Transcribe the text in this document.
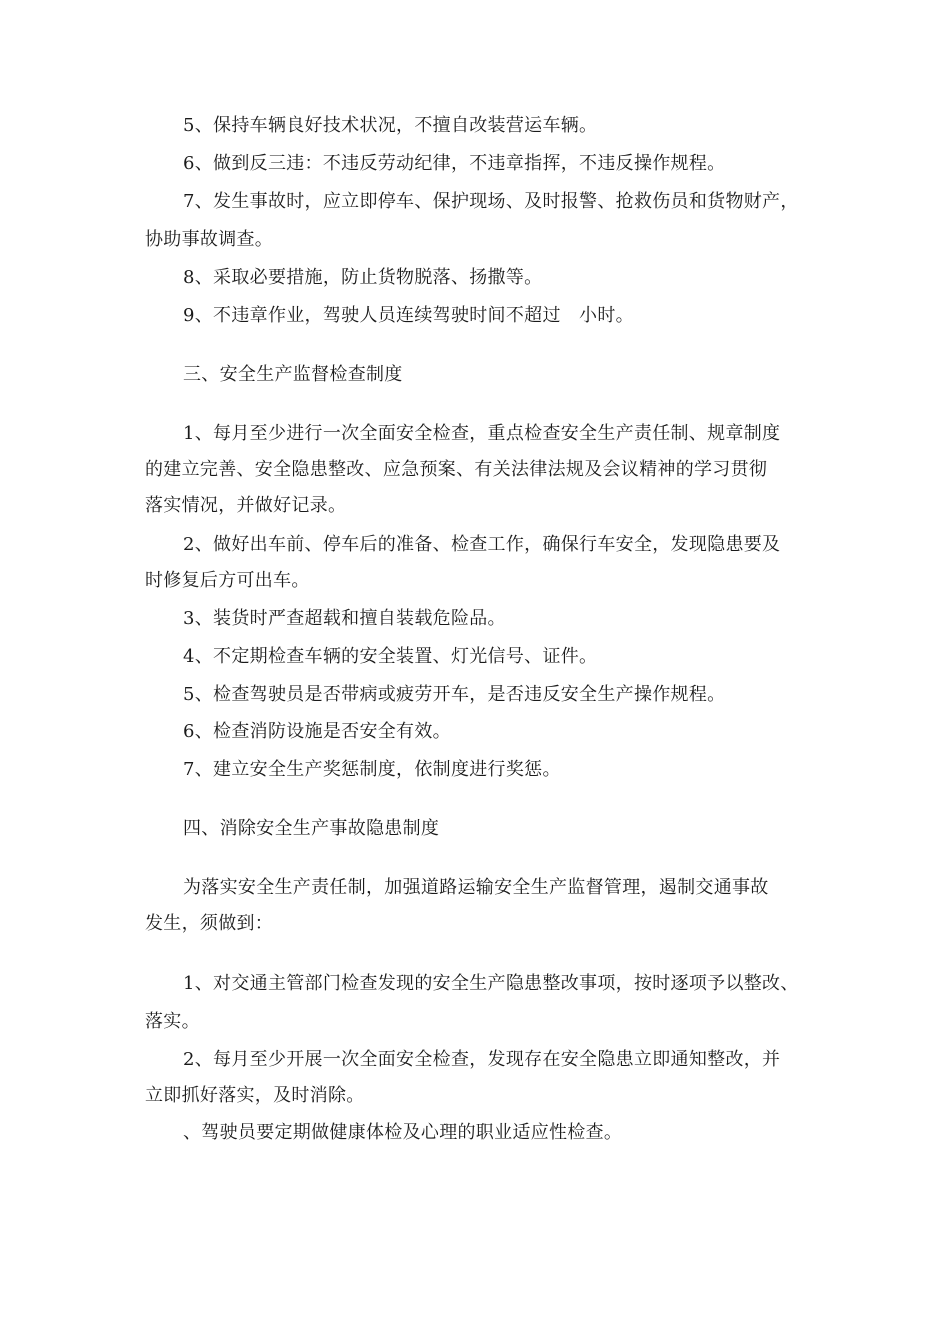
5、保持车辆良好技术状况，不擅自改装营运车辆。
6、做到反三违：不违反劳动纪律，不违章指挥，不违反操作规程。
7、发生事故时，应立即停车、保护现场、及时报警、抢救伤员和货物财产，
协助事故调查。
8、采取必要措施，防止货物脱落、扬撒等。
9、不违章作业，驾驶人员连续驾驶时间不超过　小时。
三、安全生产监督检查制度
1、每月至少进行一次全面安全检查，重点检查安全生产责任制、规章制度
的建立完善、安全隐患整改、应急预案、有关法律法规及会议精神的学习贯彻
落实情况，并做好记录。
2、做好出车前、停车后的准备、检查工作，确保行车安全，发现隐患要及
时修复后方可出车。
3、装货时严查超载和擅自装载危险品。
4、不定期检查车辆的安全装置、灯光信号、证件。
5、检查驾驶员是否带病或疲劳开车，是否违反安全生产操作规程。
6、检查消防设施是否安全有效。
7、建立安全生产奖惩制度，依制度进行奖惩。
四、消除安全生产事故隐患制度
为落实安全生产责任制，加强道路运输安全生产监督管理，遏制交通事故
发生，须做到：
1、对交通主管部门检查发现的安全生产隐患整改事项，按时逐项予以整改、
落实。
2、每月至少开展一次全面安全检查，发现存在安全隐患立即通知整改，并
立即抓好落实，及时消除。
、驾驶员要定期做健康体检及心理的职业适应性检查。
